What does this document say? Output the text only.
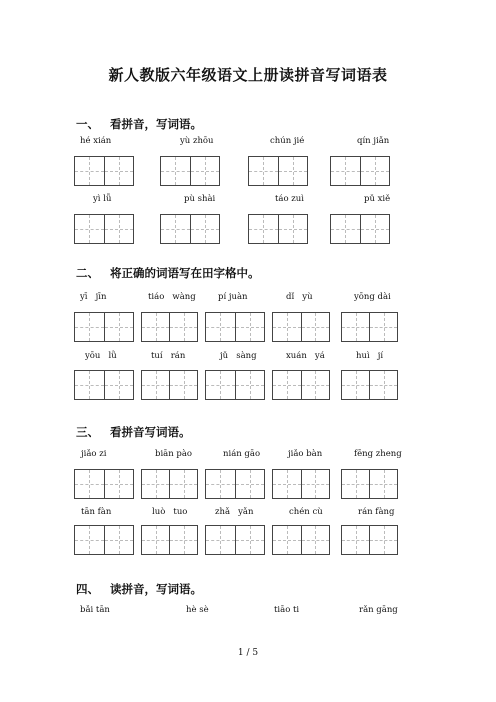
新人教版六年级语文上册读拼音写词语表
一、 看拼音，写词语。
hé xián	yù zhōu	chún jié	qín jiǎn
yì lǚ	pù shài	táo zuì	pǔ xiě
二、 将正确的词语写在田字格中。
yī   jīn	tiáo   wàng	pí juàn	dǐ   yù	yōng dài
yōu   lǜ	tuí   rán	jǔ   sàng	xuán   yá	huì   jí
三、 看拼音写词语。
jiǎo zi	biān pào	nián gāo	jiǎo bàn	fēng zheng
tān fàn	luò   tuo	zhǎ   yǎn	chén cù	rán fàng
四、 读拼音，写词语。
bǎi tān	hè sè	tiāo ti	rǎn gāng
1 / 5
